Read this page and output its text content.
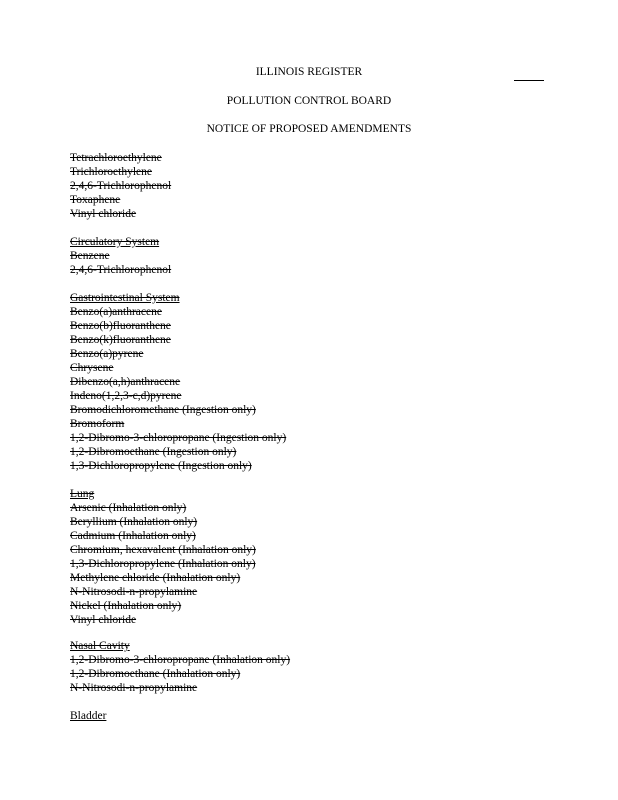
ILLINOIS REGISTER
POLLUTION CONTROL BOARD
NOTICE OF PROPOSED AMENDMENTS
Tetrachloroethylene
Trichloroethylene
2,4,6-Trichlorophenol
Toxaphene
Vinyl chloride
Circulatory System
Benzene
2,4,6-Trichlorophenol
Gastrointestinal System
Benzo(a)anthracene
Benzo(b)fluoranthene
Benzo(k)fluoranthene
Benzo(a)pyrene
Chrysene
Dibenzo(a,h)anthracene
Indeno(1,2,3-c,d)pyrene
Bromodichloromethane (Ingestion only)
Bromoform
1,2-Dibromo-3-chloropropane (Ingestion only)
1,2-Dibromoethane (Ingestion only)
1,3-Dichloropropylene (Ingestion only)
Lung
Arsenic (Inhalation only)
Beryllium (Inhalation only)
Cadmium (Inhalation only)
Chromium, hexavalent (Inhalation only)
1,3-Dichloropropylene (Inhalation only)
Methylene chloride (Inhalation only)
N-Nitrosodi-n-propylamine
Nickel (Inhalation only)
Vinyl chloride
Nasal Cavity
1,2-Dibromo-3-chloropropane (Inhalation only)
1,2-Dibromoethane (Inhalation only)
N-Nitrosodi-n-propylamine
Bladder
